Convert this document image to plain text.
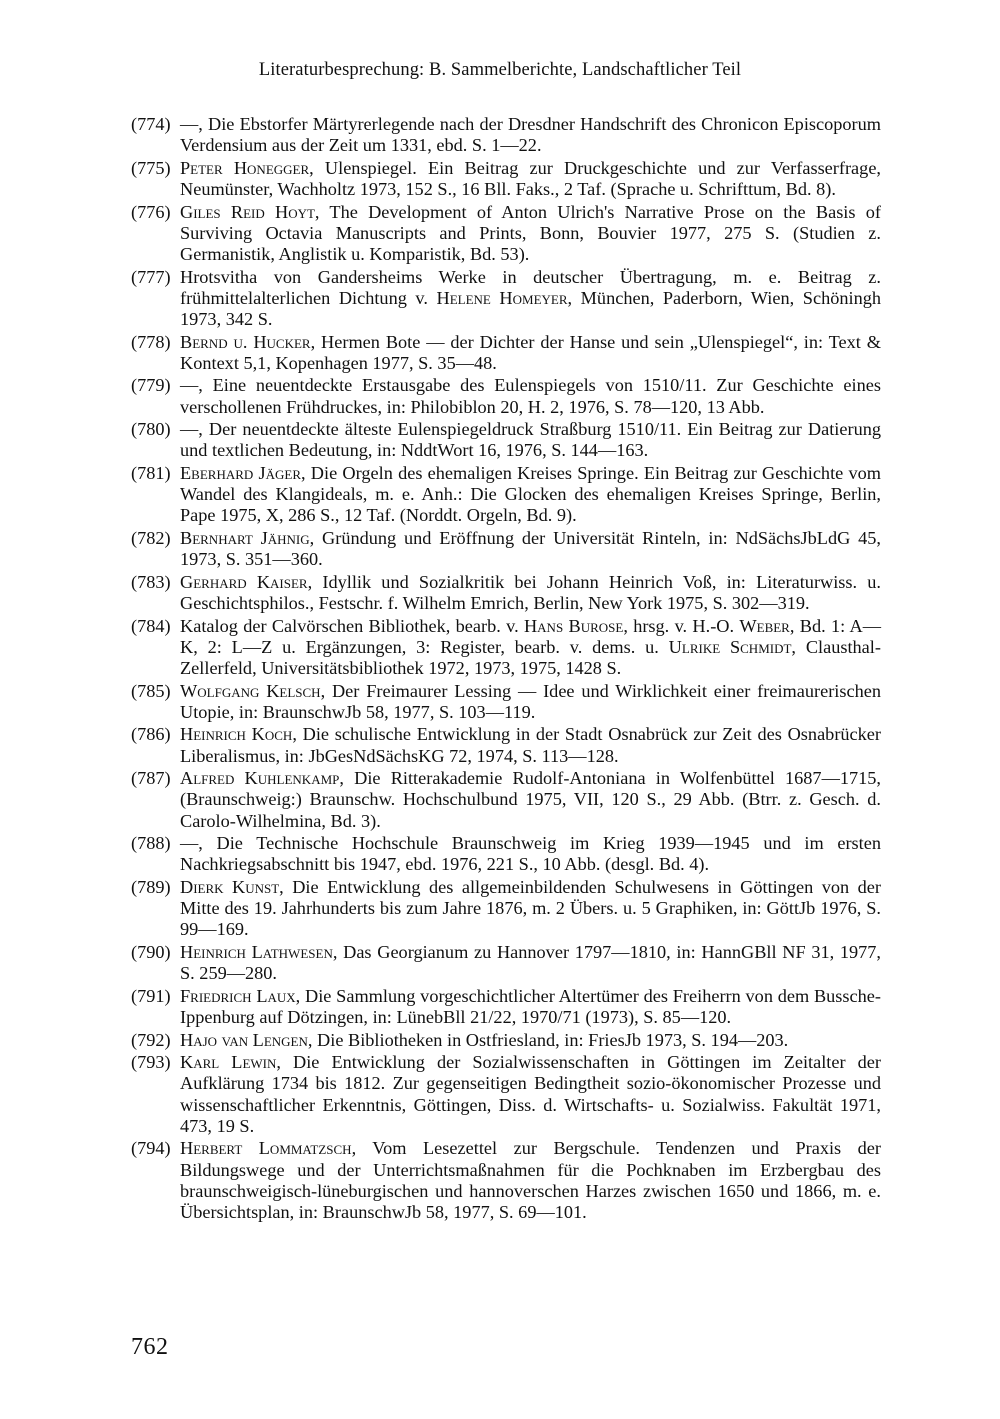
Literaturbesprechung: B. Sammelberichte, Landschaftlicher Teil
(774) —, Die Ebstorfer Märtyrerlegende nach der Dresdner Handschrift des Chronicon Episcoporum Verdensium aus der Zeit um 1331, ebd. S. 1—22.
(775) Peter Honegger, Ulenspiegel. Ein Beitrag zur Druckgeschichte und zur Verfasserfrage, Neumünster, Wachholtz 1973, 152 S., 16 Bll. Faks., 2 Taf. (Sprache u. Schrifttum, Bd. 8).
(776) Giles Reid Hoyt, The Development of Anton Ulrich's Narrative Prose on the Basis of Surviving Octavia Manuscripts and Prints, Bonn, Bouvier 1977, 275 S. (Studien z. Germanistik, Anglistik u. Komparistik, Bd. 53).
(777) Hrotsvitha von Gandersheims Werke in deutscher Übertragung, m. e. Beitrag z. frühmittelalterlichen Dichtung v. Helene Homeyer, München, Paderborn, Wien, Schöningh 1973, 342 S.
(778) Bernd u. Hucker, Hermen Bote — der Dichter der Hanse und sein „Ulenspiegel“, in: Text & Kontext 5,1, Kopenhagen 1977, S. 35—48.
(779) —, Eine neuentdeckte Erstausgabe des Eulenspiegels von 1510/11. Zur Geschichte eines verschollenen Frühdruckes, in: Philobiblon 20, H. 2, 1976, S. 78—120, 13 Abb.
(780) —, Der neuentdeckte älteste Eulenspiegeldruck Straßburg 1510/11. Ein Beitrag zur Datierung und textlichen Bedeutung, in: NddtWort 16, 1976, S. 144—163.
(781) Eberhard Jäger, Die Orgeln des ehemaligen Kreises Springe. Ein Beitrag zur Geschichte vom Wandel des Klangideals, m. e. Anh.: Die Glocken des ehemaligen Kreises Springe, Berlin, Pape 1975, X, 286 S., 12 Taf. (Norddt. Orgeln, Bd. 9).
(782) Bernhart Jähnig, Gründung und Eröffnung der Universität Rinteln, in: NdSächsJbLdG 45, 1973, S. 351—360.
(783) Gerhard Kaiser, Idyllik und Sozialkritik bei Johann Heinrich Voß, in: Literaturwiss. u. Geschichtsphilos., Festschr. f. Wilhelm Emrich, Berlin, New York 1975, S. 302—319.
(784) Katalog der Calvörschen Bibliothek, bearb. v. Hans Burose, hrsg. v. H.-O. Weber, Bd. 1: A—K, 2: L—Z u. Ergänzungen, 3: Register, bearb. v. dems. u. Ulrike Schmidt, Clausthal-Zellerfeld, Universitätsbibliothek 1972, 1973, 1975, 1428 S.
(785) Wolfgang Kelsch, Der Freimaurer Lessing — Idee und Wirklichkeit einer freimaurerischen Utopie, in: BraunschwJb 58, 1977, S. 103—119.
(786) Heinrich Koch, Die schulische Entwicklung in der Stadt Osnabrück zur Zeit des Osnabrücker Liberalismus, in: JbGesNdSächsKG 72, 1974, S. 113—128.
(787) Alfred Kuhlenkamp, Die Ritterakademie Rudolf-Antoniana in Wolfenbüttel 1687—1715, (Braunschweig:) Braunschw. Hochschulbund 1975, VII, 120 S., 29 Abb. (Btrr. z. Gesch. d. Carolo-Wilhelmina, Bd. 3).
(788) —, Die Technische Hochschule Braunschweig im Krieg 1939—1945 und im ersten Nachkriegsabschnitt bis 1947, ebd. 1976, 221 S., 10 Abb. (desgl. Bd. 4).
(789) Dierk Kunst, Die Entwicklung des allgemeinbildenden Schulwesens in Göttingen von der Mitte des 19. Jahrhunderts bis zum Jahre 1876, m. 2 Übers. u. 5 Graphiken, in: GöttJb 1976, S. 99—169.
(790) Heinrich Lathwesen, Das Georgianum zu Hannover 1797—1810, in: HannGBll NF 31, 1977, S. 259—280.
(791) Friedrich Laux, Die Sammlung vorgeschichtlicher Altertümer des Freiherrn von dem Bussche-Ippenburg auf Dötzingen, in: LünebBll 21/22, 1970/71 (1973), S. 85—120.
(792) Hajo van Lengen, Die Bibliotheken in Ostfriesland, in: FriesJb 1973, S. 194—203.
(793) Karl Lewin, Die Entwicklung der Sozialwissenschaften in Göttingen im Zeitalter der Aufklärung 1734 bis 1812. Zur gegenseitigen Bedingtheit sozio-ökonomischer Prozesse und wissenschaftlicher Erkenntnis, Göttingen, Diss. d. Wirtschafts- u. Sozialwiss. Fakultät 1971, 473, 19 S.
(794) Herbert Lommatzsch, Vom Lesezettel zur Bergschule. Tendenzen und Praxis der Bildungswege und der Unterrichtsmaßnahmen für die Pochknaben im Erzbergbau des braunschweigisch-lüneburgischen und hannoverschen Harzes zwischen 1650 und 1866, m. e. Übersichtsplan, in: BraunschwJb 58, 1977, S. 69—101.
762
